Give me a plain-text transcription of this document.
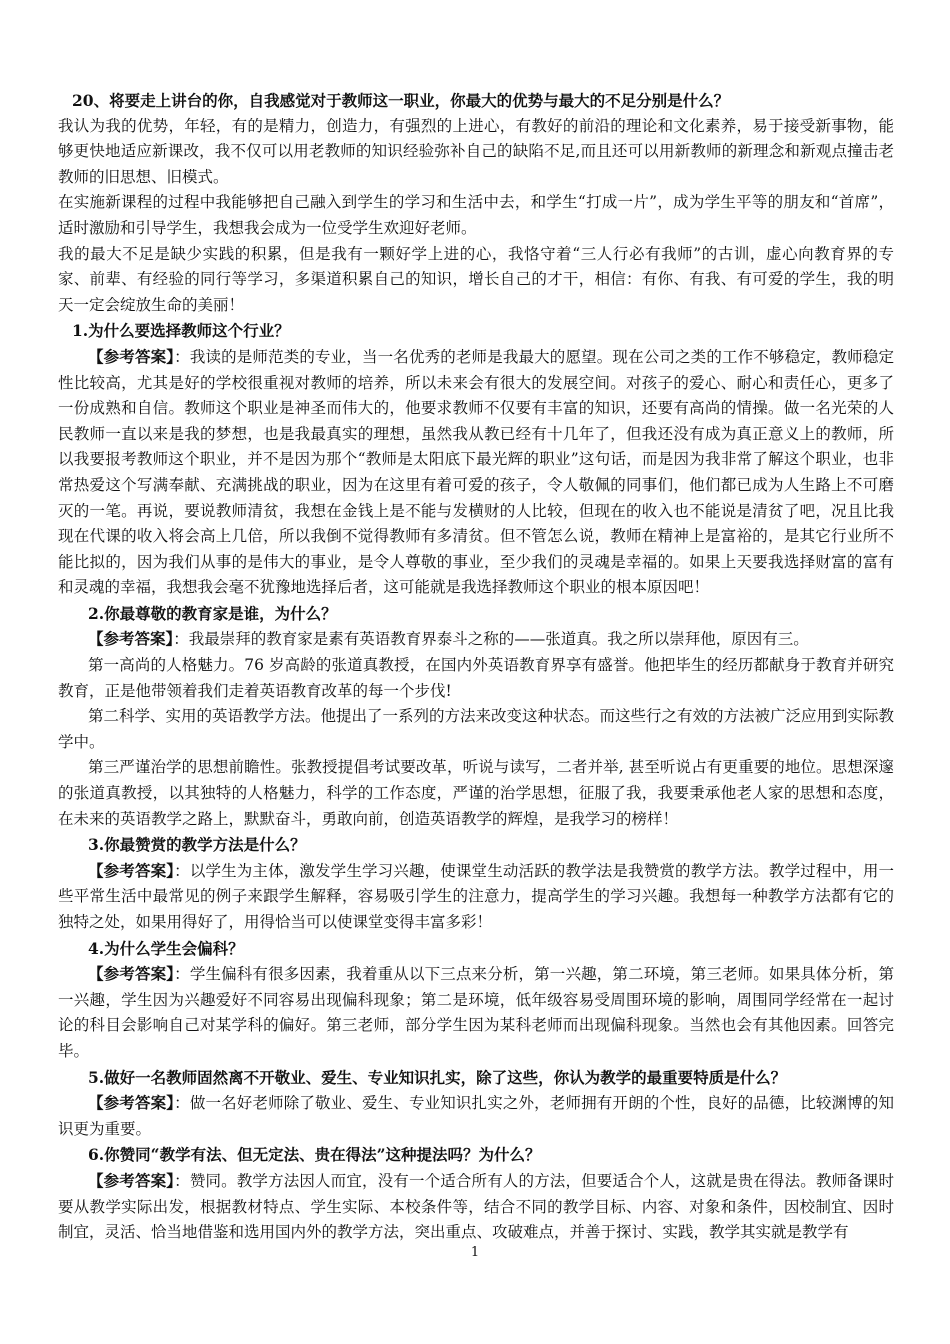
20、将要走上讲台的你，自我感觉对于教师这一职业，你最大的优势与最大的不足分别是什么？

我认为我的优势，年轻，有的是精力，创造力，有强烈的上进心，有教好的前沿的理论和文化素养，易于接受新事物，能够更快地适应新课改，我不仅可以用老教师的知识经验弥补自己的缺陷不足,而且还可以用新教师的新理念和新观点撞击老教师的旧思想、旧模式。

在实施新课程的过程中我能够把自己融入到学生的学习和生活中去，和学生“打成一片”，成为学生平等的朋友和“首席”，适时激励和引导学生，我想我会成为一位受学生欢迎好老师。

我的最大不足是缺少实践的积累，但是我有一颗好学上进的心，我恪守着“三人行必有我师”的古训，虚心向教育界的专家、前辈、有经验的同行等学习，多渠道积累自己的知识，增长自己的才干，相信：有你、有我、有可爱的学生，我的明天一定会绽放生命的美丽！

1.为什么要选择教师这个行业？

【参考答案】：我读的是师范类的专业，当一名优秀的老师是我最大的愿望。现在公司之类的工作不够稳定，教师稳定性比较高，尤其是好的学校很重视对教师的培养，所以未来会有很大的发展空间。对孩子的爱心、耐心和责任心，更多了一份成熟和自信。教师这个职业是神圣而伟大的，他要求教师不仅要有丰富的知识，还要有高尚的情操。做一名光荣的人民教师一直以来是我的梦想，也是我最真实的理想，虽然我从教已经有十几年了，但我还没有成为真正意义上的教师，所以我要报考教师这个职业，并不是因为那个“教师是太阳底下最光辉的职业”这句话，而是因为我非常了解这个职业，也非常热爱这个写满奉献、充满挑战的职业，因为在这里有着可爱的孩子，令人敬佩的同事们，他们都已成为人生路上不可磨灭的一笔。再说，要说教师清贫，我想在金钱上是不能与发横财的人比较，但现在的收入也不能说是清贫了吧，况且比我现在代课的收入将会高上几倍，所以我倒不觉得教师有多清贫。但不管怎么说，教师在精神上是富裕的，是其它行业所不能比拟的，因为我们从事的是伟大的事业，是令人尊敬的事业，至少我们的灵魂是幸福的。如果上天要我选择财富的富有和灵魂的幸福，我想我会毫不犹豫地选择后者，这可能就是我选择教师这个职业的根本原因吧！

2.你最尊敬的教育家是谁，为什么？

【参考答案】：我最崇拜的教育家是素有英语教育界泰斗之称的——张道真。我之所以崇拜他，原因有三。

第一高尚的人格魅力。76 岁高龄的张道真教授，在国内外英语教育界享有盛誉。他把毕生的经历都献身于教育并研究教育，正是他带领着我们走着英语教育改革的每一个步伐!

第二科学、实用的英语教学方法。他提出了一系列的方法来改变这种状态。而这些行之有效的方法被广泛应用到实际教学中。

第三严谨治学的思想前瞻性。张教授提倡考试要改革，听说与读写，二者并举, 甚至听说占有更重要的地位。思想深邃的张道真教授，以其独特的人格魅力，科学的工作态度，严谨的治学思想，征服了我，我要秉承他老人家的思想和态度，在未来的英语教学之路上，默默奋斗，勇敢向前，创造英语教学的辉煌，是我学习的榜样！

3.你最赞赏的教学方法是什么？

【参考答案】：以学生为主体，激发学生学习兴趣，使课堂生动活跃的教学法是我赞赏的教学方法。教学过程中，用一些平常生活中最常见的例子来跟学生解释，容易吸引学生的注意力，提高学生的学习兴趣。我想每一种教学方法都有它的独特之处，如果用得好了，用得恰当可以使课堂变得丰富多彩！

4.为什么学生会偏科？

【参考答案】：学生偏科有很多因素，我着重从以下三点来分析，第一兴趣，第二环境，第三老师。如果具体分析，第一兴趣，学生因为兴趣爱好不同容易出现偏科现象；第二是环境，低年级容易受周围环境的影响，周围同学经常在一起讨论的科目会影响自己对某学科的偏好。第三老师，部分学生因为某科老师而出现偏科现象。当然也会有其他因素。回答完毕。

5.做好一名教师固然离不开敬业、爱生、专业知识扎实，除了这些，你认为教学的最重要特质是什么？

【参考答案】：做一名好老师除了敬业、爱生、专业知识扎实之外，老师拥有开朗的个性，良好的品德，比较渊博的知识更为重要。

6.你赞同“教学有法、但无定法、贵在得法”这种提法吗？为什么？

【参考答案】：赞同。教学方法因人而宜，没有一个适合所有人的方法，但要适合个人，这就是贵在得法。教师备课时要从教学实际出发，根据教材特点、学生实际、本校条件等，结合不同的教学目标、内容、对象和条件，因校制宜、因时制宜，灵活、恰当地借鉴和选用国内外的教学方法，突出重点、攻破难点，并善于探讨、实践，教学其实就是教学有

1
